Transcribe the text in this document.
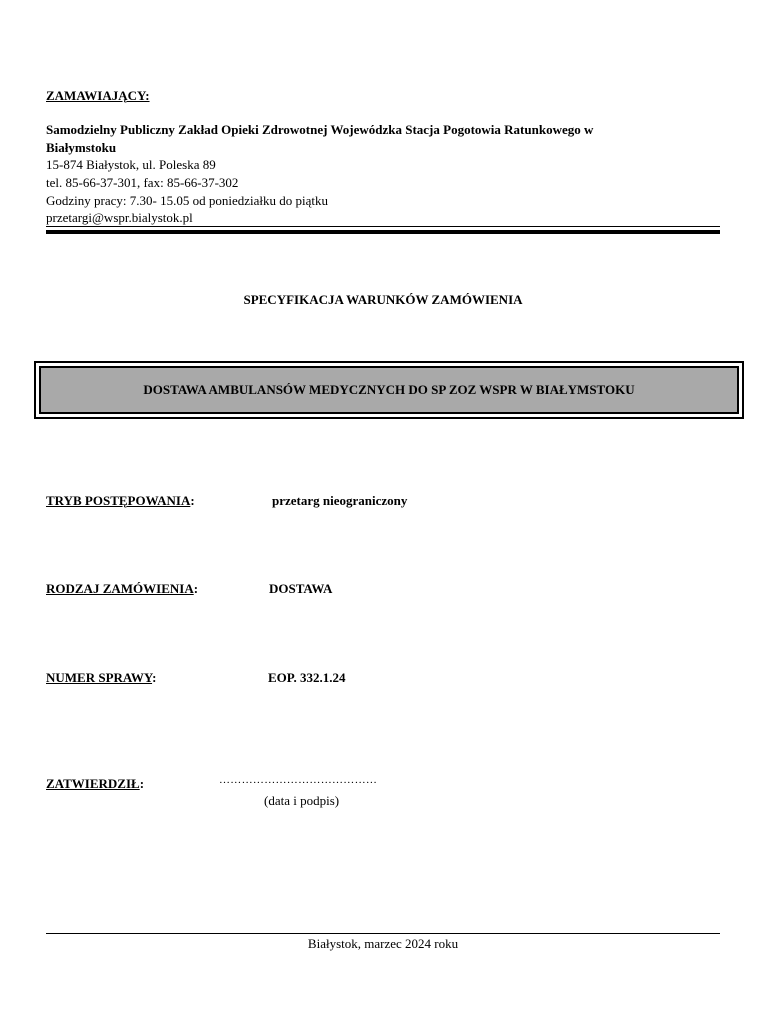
ZAMAWIAJĄCY:
Samodzielny Publiczny Zakład Opieki Zdrowotnej Wojewódzka Stacja Pogotowia Ratunkowego w
Białymstoku
15-874 Białystok, ul. Poleska 89
tel. 85-66-37-301, fax: 85-66-37-302
Godziny pracy: 7.30- 15.05 od poniedziałku do piątku
przetargi@wspr.bialystok.pl
SPECYFIKACJA WARUNKÓW ZAMÓWIENIA
DOSTAWA AMBULANSÓW MEDYCZNYCH DO SP ZOZ WSPR W BIAŁYMSTOKU
TRYB POSTĘPOWANIA:	przetarg nieograniczony
RODZAJ ZAMÓWIENIA:	DOSTAWA
NUMER SPRAWY:	EOP. 332.1.24
ZATWIERDZIŁ:	……………………………………
(data i podpis)
Białystok, marzec 2024 roku
